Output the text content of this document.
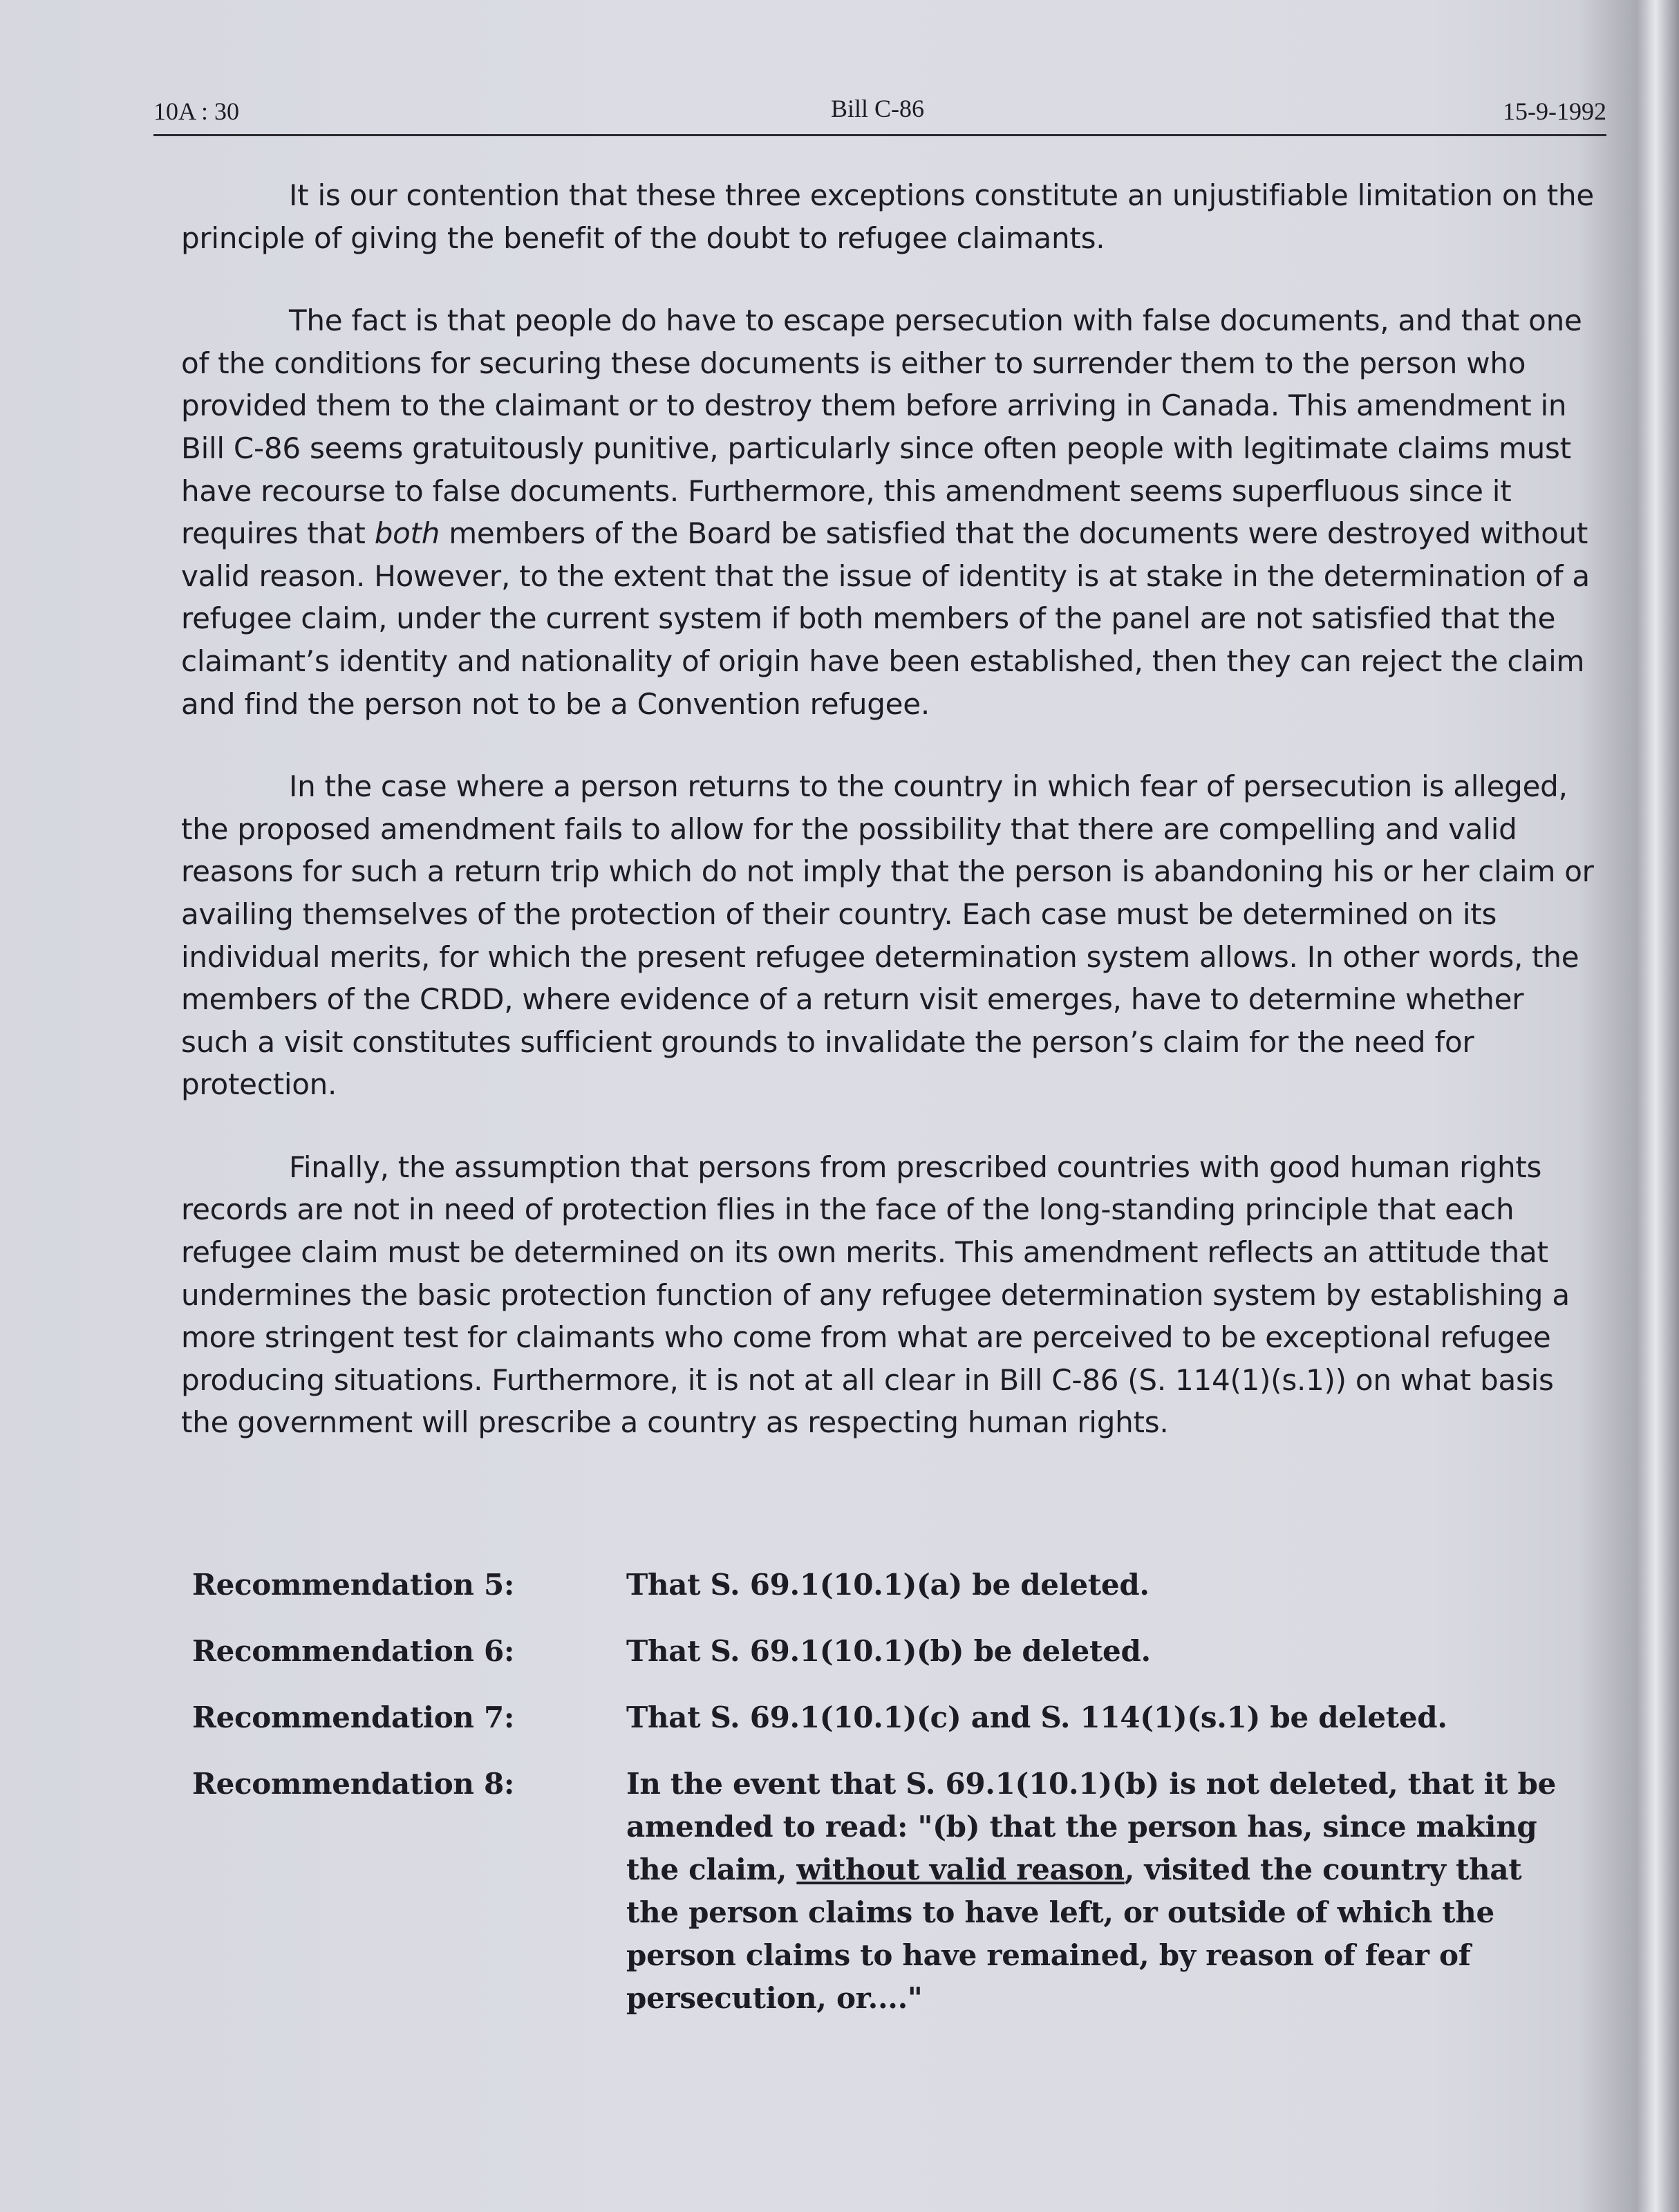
10A : 30	Bill C-86	15-9-1992

It is our contention that these three exceptions constitute an unjustifiable limitation on the principle of giving the benefit of the doubt to refugee claimants.

The fact is that people do have to escape persecution with false documents, and that one of the conditions for securing these documents is either to surrender them to the person who provided them to the claimant or to destroy them before arriving in Canada. This amendment in Bill C-86 seems gratuitously punitive, particularly since often people with legitimate claims must have recourse to false documents. Furthermore, this amendment seems superfluous since it requires that both members of the Board be satisfied that the documents were destroyed without valid reason. However, to the extent that the issue of identity is at stake in the determination of a refugee claim, under the current system if both members of the panel are not satisfied that the claimant’s identity and nationality of origin have been established, then they can reject the claim and find the person not to be a Convention refugee.

In the case where a person returns to the country in which fear of persecution is alleged, the proposed amendment fails to allow for the possibility that there are compelling and valid reasons for such a return trip which do not imply that the person is abandoning his or her claim or availing themselves of the protection of their country. Each case must be determined on its individual merits, for which the present refugee determination system allows. In other words, the members of the CRDD, where evidence of a return visit emerges, have to determine whether such a visit constitutes sufficient grounds to invalidate the person’s claim for the need for protection.

Finally, the assumption that persons from prescribed countries with good human rights records are not in need of protection flies in the face of the long-standing principle that each refugee claim must be determined on its own merits. This amendment reflects an attitude that undermines the basic protection function of any refugee determination system by establishing a more stringent test for claimants who come from what are perceived to be exceptional refugee producing situations. Furthermore, it is not at all clear in Bill C-86 (S. 114(1)(s.1)) on what basis the government will prescribe a country as respecting human rights.

Recommendation 5:	That S. 69.1(10.1)(a) be deleted.
Recommendation 6:	That S. 69.1(10.1)(b) be deleted.
Recommendation 7:	That S. 69.1(10.1)(c) and S. 114(1)(s.1) be deleted.
Recommendation 8:	In the event that S. 69.1(10.1)(b) is not deleted, that it be amended to read: "(b) that the person has, since making the claim, without valid reason, visited the country that the person claims to have left, or outside of which the person claims to have remained, by reason of fear of persecution, or...."
